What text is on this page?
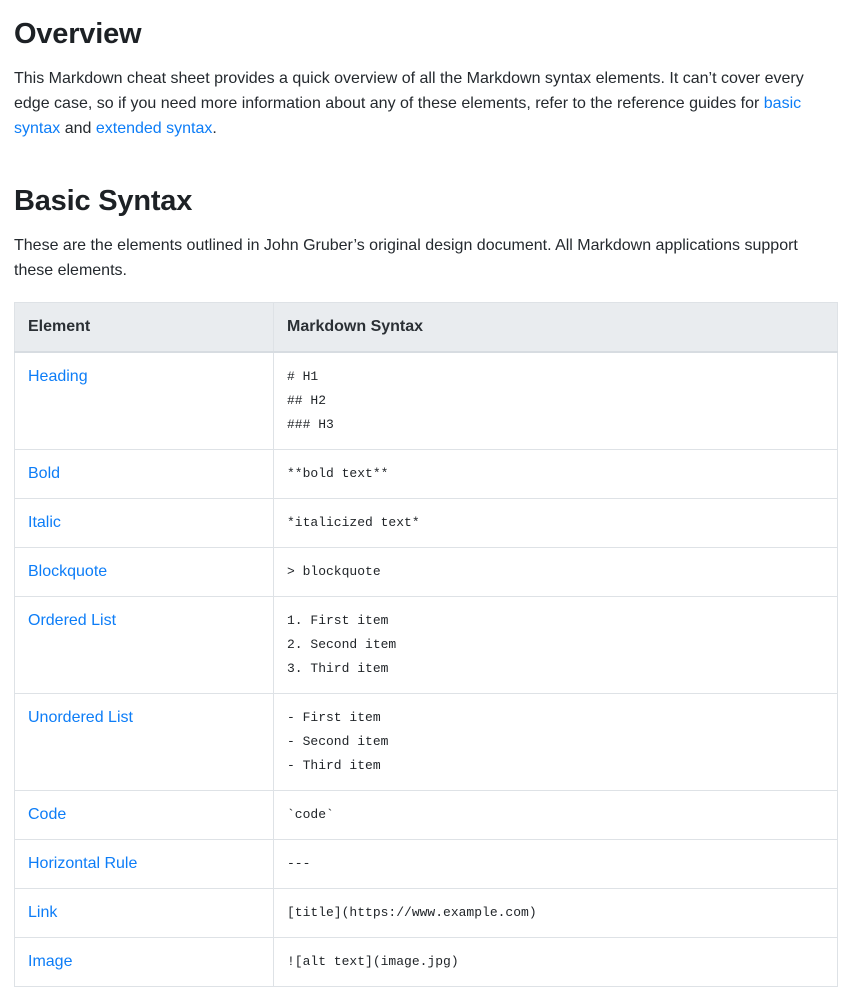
Overview

This Markdown cheat sheet provides a quick overview of all the Markdown syntax elements. It can’t cover every edge case, so if you need more information about any of these elements, refer to the reference guides for basic syntax and extended syntax.

Basic Syntax

These are the elements outlined in John Gruber’s original design document. All Markdown applications support these elements.

Element	Markdown Syntax
Heading	# H1
## H2
### H3

Bold	**bold text**

Italic	*italicized text*

Blockquote	> blockquote

Ordered List	1. First item
2. Second item
3. Third item

Unordered List	- First item
- Second item
- Third item

Code	`code`

Horizontal Rule	---

Link	[title](https://www.example.com)

Image	![alt text](image.jpg)
